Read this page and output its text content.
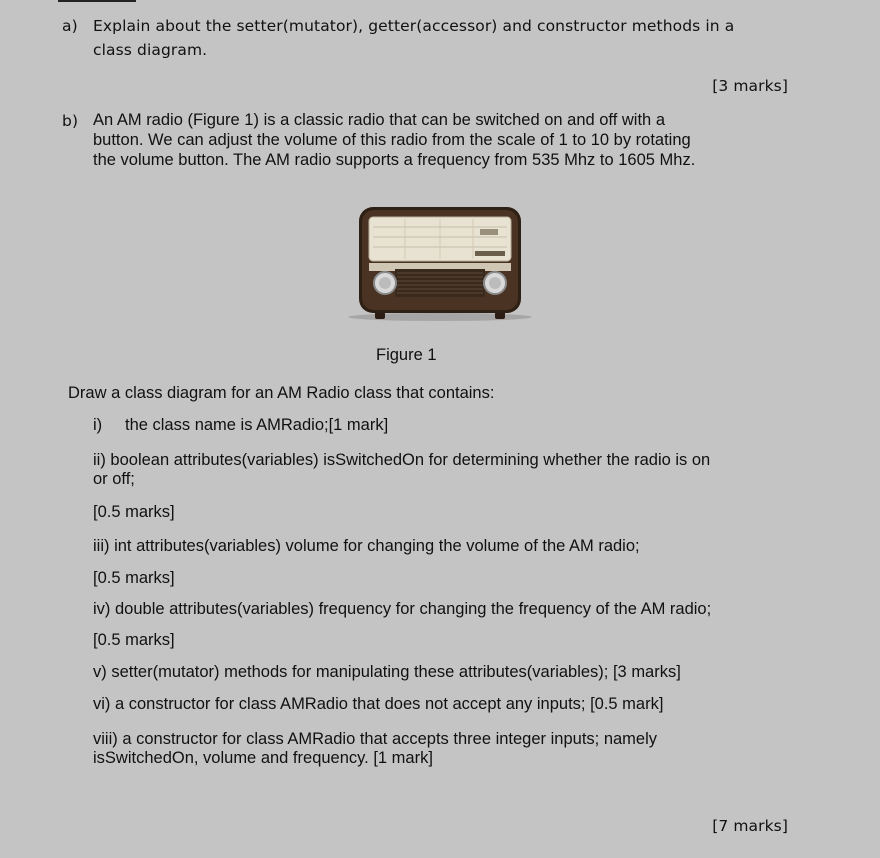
a) Explain about the setter(mutator), getter(accessor) and constructor methods in a

class diagram.

[3 marks]

b) An AM radio (Figure 1) is a classic radio that can be switched on and off with a

button. We can adjust the volume of this radio from the scale of 1 to 10 by rotating

the volume button. The AM radio supports a frequency from 535 Mhz to 1605 Mhz.

Figure 1

Draw a class diagram for an AM Radio class that contains:

i) the class name is AMRadio;[1 mark]

ii) boolean attributes(variables) isSwitchedOn for determining whether the radio is on

or off;

[0.5 marks]

iii) int attributes(variables) volume for changing the volume of the AM radio;

[0.5 marks]

iv) double attributes(variables) frequency for changing the frequency of the AM radio;

[0.5 marks]

v) setter(mutator) methods for manipulating these attributes(variables); [3 marks]

vi) a constructor for class AMRadio that does not accept any inputs; [0.5 mark]

viii) a constructor for class AMRadio that accepts three integer inputs; namely

isSwitchedOn, volume and frequency. [1 mark]

[7 marks]
